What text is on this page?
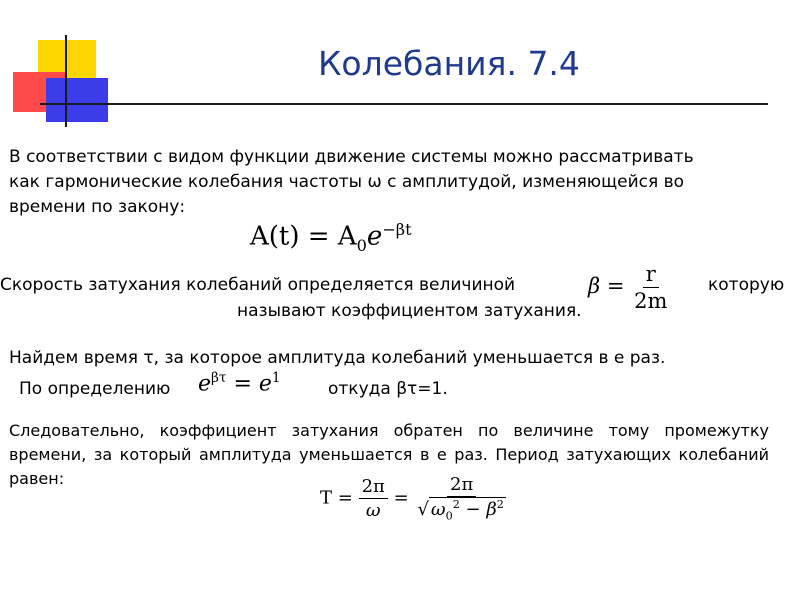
Колебания. 7.4
В соответствии с видом функции движение системы можно рассматривать
как гармонические колебания частоты ω с амплитудой, изменяющейся во
времени по закону:
$A(t) = A_0e^{-\beta t}$
Скорость затухания колебаний определяется величиной	$\beta = \frac{r}{2m}$ которую
называют коэффициентом затухания.
Найдем время τ, за которое амплитуда колебаний уменьшается в е раз.
По определению $e^{\beta\tau} = e^1$
откуда βτ=1.
Следовательно, коэффициент затухания обратен по величине тому промежутку времени, за который амплитуда уменьшается в е раз. Период затухающих колебаний равен:
$T = \frac{2\pi}{\omega} = \frac{2\pi}{√ \omega_0^2 - \beta^2}$
